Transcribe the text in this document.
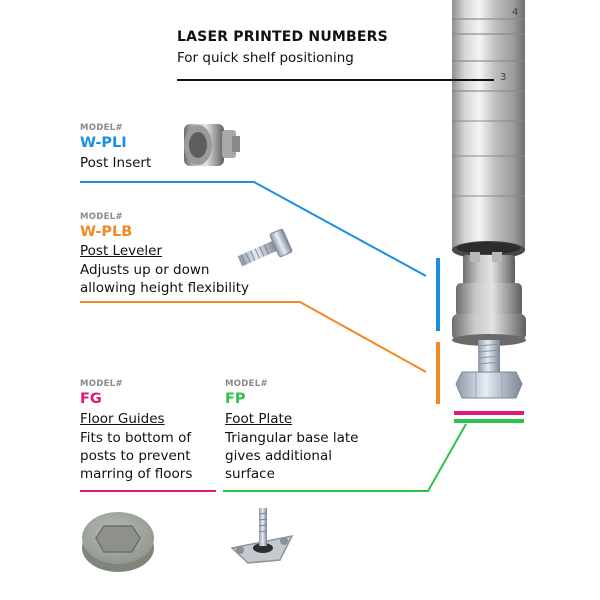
4
3
LASER PRINTED NUMBERS
For quick shelf positioning
MODEL#
W-PLI
Post Insert
MODEL#
W-PLB
Post Leveler
Adjusts up or down allowing height flexibility
MODEL#
FG
Floor Guides
Fits to bottom of posts to prevent marring of floors
MODEL#
FP
Foot Plate
Triangular base late gives additional surface
